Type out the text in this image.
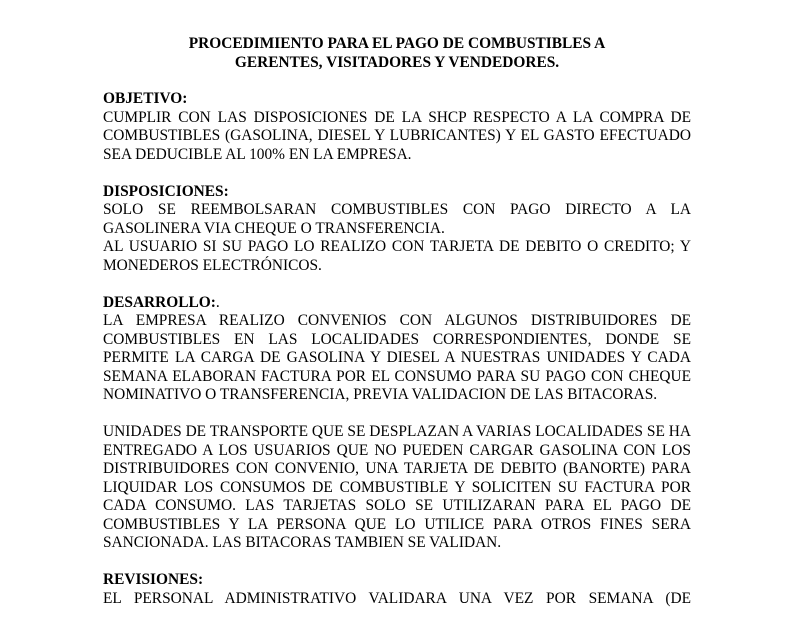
PROCEDIMIENTO PARA EL PAGO DE COMBUSTIBLES A
GERENTES, VISITADORES Y VENDEDORES.
OBJETIVO:

CUMPLIR CON LAS DISPOSICIONES DE LA SHCP RESPECTO A LA COMPRA DE COMBUSTIBLES (GASOLINA, DIESEL Y LUBRICANTES) Y EL GASTO EFECTUADO SEA DEDUCIBLE AL 100% EN LA EMPRESA.

DISPOSICIONES:

SOLO SE REEMBOLSARAN COMBUSTIBLES CON PAGO DIRECTO A LA GASOLINERA VIA CHEQUE O TRANSFERENCIA.

AL USUARIO SI SU PAGO LO REALIZO CON TARJETA DE DEBITO O CREDITO; Y MONEDEROS ELECTRÓNICOS.

DESARROLLO:.

LA EMPRESA REALIZO CONVENIOS CON ALGUNOS DISTRIBUIDORES DE COMBUSTIBLES EN LAS LOCALIDADES CORRESPONDIENTES, DONDE SE PERMITE LA CARGA DE GASOLINA Y DIESEL A NUESTRAS UNIDADES Y CADA SEMANA ELABORAN FACTURA POR EL CONSUMO PARA SU PAGO CON CHEQUE NOMINATIVO O TRANSFERENCIA, PREVIA VALIDACION DE LAS BITACORAS.

UNIDADES DE TRANSPORTE QUE SE DESPLAZAN A VARIAS LOCALIDADES SE HA ENTREGADO A LOS USUARIOS QUE NO PUEDEN CARGAR GASOLINA CON LOS DISTRIBUIDORES CON CONVENIO, UNA TARJETA DE DEBITO (BANORTE) PARA LIQUIDAR LOS CONSUMOS DE COMBUSTIBLE Y SOLICITEN SU FACTURA POR CADA CONSUMO. LAS TARJETAS SOLO SE UTILIZARAN PARA EL PAGO DE COMBUSTIBLES Y LA PERSONA QUE LO UTILICE PARA OTROS FINES SERA SANCIONADA. LAS BITACORAS TAMBIEN SE VALIDAN.

REVISIONES:

EL PERSONAL ADMINISTRATIVO VALIDARA UNA VEZ POR SEMANA (DE
